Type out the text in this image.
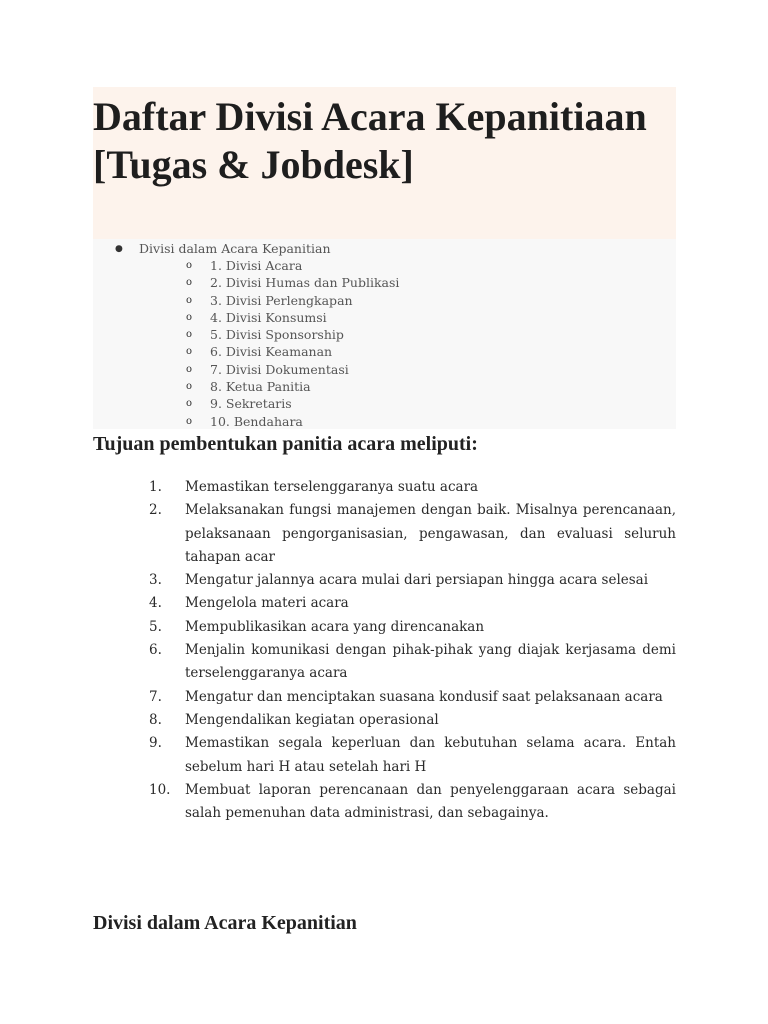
Daftar Divisi Acara Kepanitiaan [Tugas & Jobdesk]
● Divisi dalam Acara Kepanitian
o 1. Divisi Acara
o 2. Divisi Humas dan Publikasi
o 3. Divisi Perlengkapan
o 4. Divisi Konsumsi
o 5. Divisi Sponsorship
o 6. Divisi Keamanan
o 7. Divisi Dokumentasi
o 8. Ketua Panitia
o 9. Sekretaris
o 10. Bendahara
Tujuan pembentukan panitia acara meliputi:
1.	Memastikan terselenggaranya suatu acara
2.	Melaksanakan fungsi manajemen dengan baik. Misalnya perencanaan, pelaksanaan pengorganisasian, pengawasan, dan evaluasi seluruh tahapan acar
3.	Mengatur jalannya acara mulai dari persiapan hingga acara selesai
4.	Mengelola materi acara
5.	Mempublikasikan acara yang direncanakan
6.	Menjalin komunikasi dengan pihak-pihak yang diajak kerjasama demi terselenggaranya acara
7.	Mengatur dan menciptakan suasana kondusif saat pelaksanaan acara
8.	Mengendalikan kegiatan operasional
9.	Memastikan segala keperluan dan kebutuhan selama acara. Entah sebelum hari H atau setelah hari H
10.	Membuat laporan perencanaan dan penyelenggaraan acara sebagai salah pemenuhan data administrasi, dan sebagainya.
Divisi dalam Acara Kepanitian
